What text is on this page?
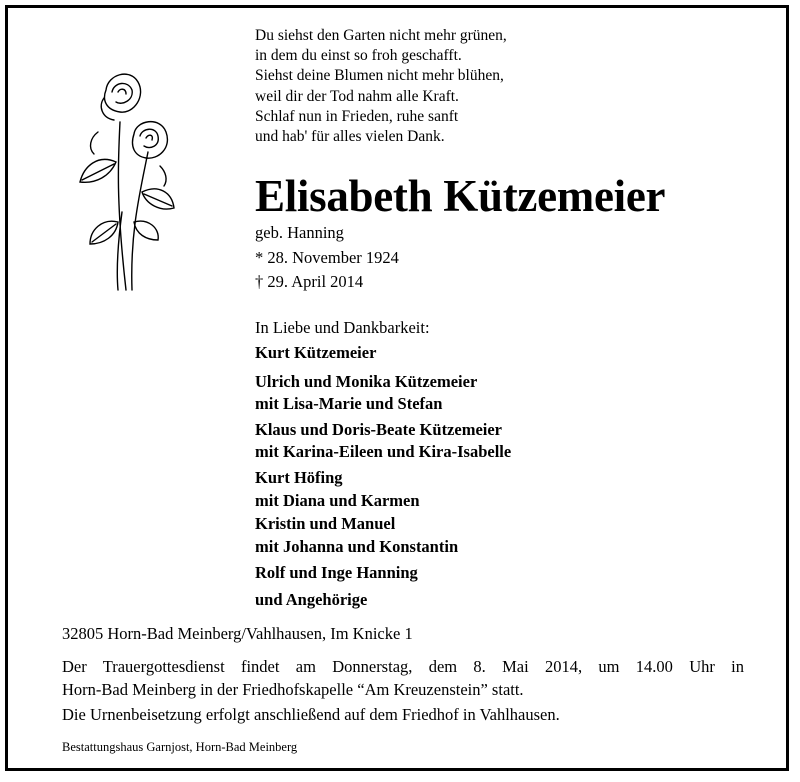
Du siehst den Garten nicht mehr grünen,
in dem du einst so froh geschafft.
Siehst deine Blumen nicht mehr blühen,
weil dir der Tod nahm alle Kraft.
Schlaf nun in Frieden, ruhe sanft
und hab' für alles vielen Dank.
Elisabeth Kützemeier
geb. Hanning
* 28. November 1924
† 29. April 2014
In Liebe und Dankbarkeit:
Kurt Kützemeier
Ulrich und Monika Kützemeier
mit Lisa-Marie und Stefan
Klaus und Doris-Beate Kützemeier
mit Karina-Eileen und Kira-Isabelle
Kurt Höfing
mit Diana und Karmen
Kristin und Manuel
mit Johanna und Konstantin
Rolf und Inge Hanning
und Angehörige
32805 Horn-Bad Meinberg/Vahlhausen, Im Knicke 1
Der Trauergottesdienst findet am Donnerstag, dem 8. Mai 2014, um 14.00 Uhr in
Horn-Bad Meinberg in der Friedhofskapelle “Am Kreuzenstein” statt.
Die Urnenbeisetzung erfolgt anschließend auf dem Friedhof in Vahlhausen.
Bestattungshaus Garnjost, Horn-Bad Meinberg
